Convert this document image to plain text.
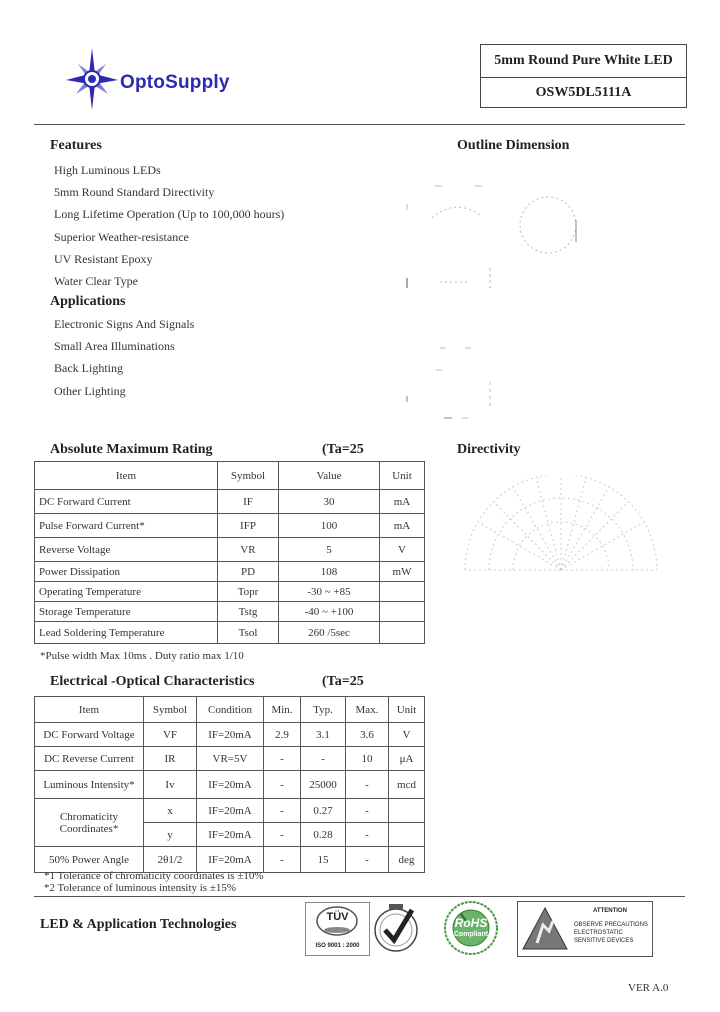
OptoSupply
5mm Round Pure White LED
OSW5DL5111A
Features
High Luminous LEDs
5mm Round Standard Directivity
Long Lifetime Operation (Up to 100,000 hours)
Superior Weather-resistance
UV Resistant Epoxy
Water Clear Type
Applications
Electronic Signs And Signals
Small Area Illuminations
Back Lighting
Other Lighting
Outline Dimension
Directivity
Absolute Maximum Rating	(Ta=25
Item	Symbol	Value	Unit
DC Forward Current	IF	30	mA
Pulse Forward Current*	IFP	100	mA
Reverse Voltage	VR	5	V
Power Dissipation	PD	108	mW
Operating Temperature	Topr	-30 ~ +85	
Storage Temperature	Tstg	-40 ~ +100	
Lead Soldering Temperature	Tsol	260 /5sec	
*Pulse width Max 10ms . Duty ratio max 1/10
Electrical -Optical Characteristics	(Ta=25
Item	Symbol	Condition	Min.	Typ.	Max.	Unit
DC Forward Voltage	VF	IF=20mA	2.9	3.1	3.6	V
DC Reverse Current	IR	VR=5V	-	-	10	μA
Luminous Intensity*	Iv	IF=20mA	-	25000	-	mcd
Chromaticity Coordinates*	x	IF=20mA	-	0.27	-	
	y	IF=20mA	-	0.28	-	
50% Power Angle	2θ1/2	IF=20mA	-	15	-	deg
*1 Tolerance of chromaticity coordinates is ±10%
*2 Tolerance of luminous intensity is ±15%
LED & Application Technologies	TÜV
ISO 9001 : 2000
RoHS
Compliant
ATTENTION
OBSERVE PRECAUTIONS
ELECTROSTATIC
SENSITIVE DEVICES
VER A.0
